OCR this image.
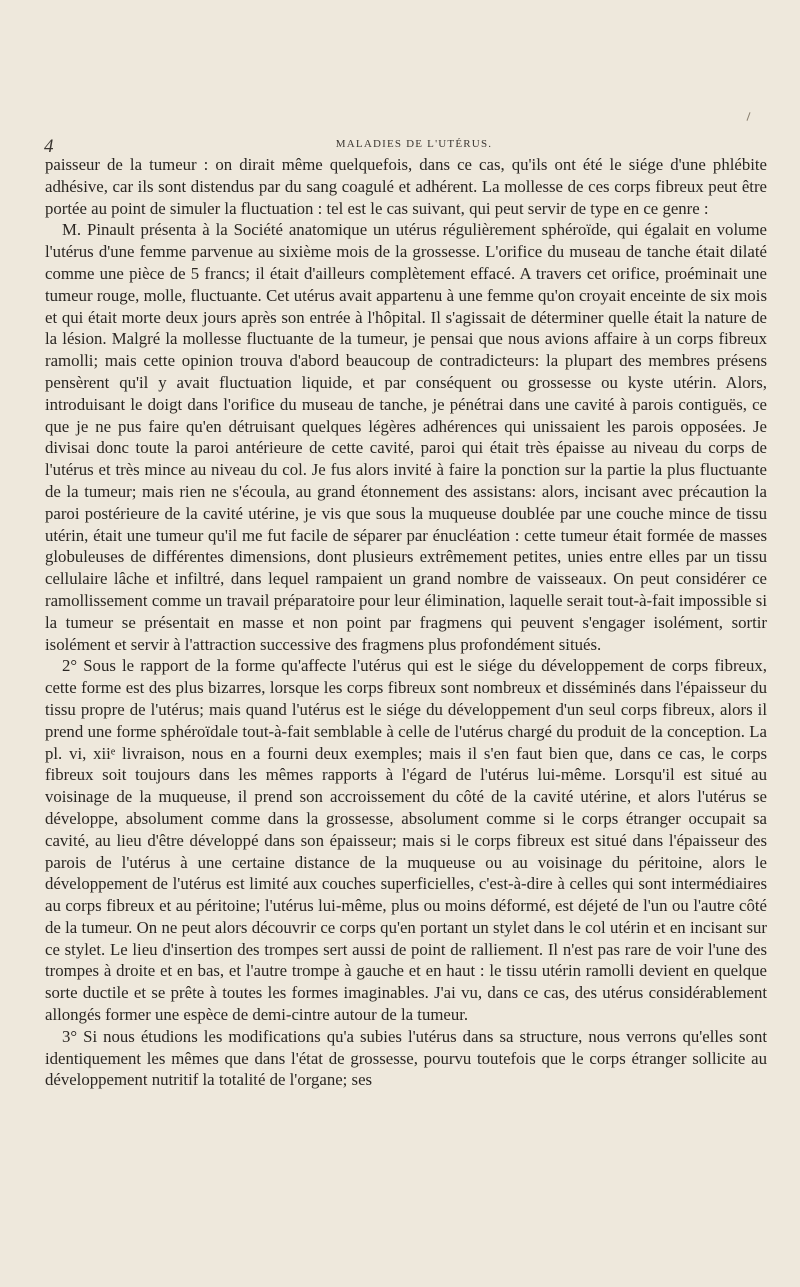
4	MALADIES DE L'UTÉRUS.

paisseur de la tumeur : on dirait même quelquefois, dans ce cas, qu'ils ont été le siége d'une phlébite adhésive, car ils sont distendus par du sang coagulé et adhérent. La mollesse de ces corps fibreux peut être portée au point de simuler la fluctuation : tel est le cas suivant, qui peut servir de type en ce genre :

M. Pinault présenta à la Société anatomique un utérus régulièrement sphéroïde, qui égalait en volume l'utérus d'une femme parvenue au sixième mois de la grossesse. L'orifice du museau de tanche était dilaté comme une pièce de 5 francs; il était d'ailleurs complètement effacé. A travers cet orifice, proéminait une tumeur rouge, molle, fluctuante. Cet utérus avait appartenu à une femme qu'on croyait enceinte de six mois et qui était morte deux jours après son entrée à l'hôpital. Il s'agissait de déterminer quelle était la nature de la lésion. Malgré la mollesse fluctuante de la tumeur, je pensai que nous avions affaire à un corps fibreux ramolli; mais cette opinion trouva d'abord beaucoup de contradicteurs: la plupart des membres présens pensèrent qu'il y avait fluctuation liquide, et par conséquent ou grossesse ou kyste utérin. Alors, introduisant le doigt dans l'orifice du museau de tanche, je pénétrai dans une cavité à parois contiguës, ce que je ne pus faire qu'en détruisant quelques légères adhérences qui unissaient les parois opposées. Je divisai donc toute la paroi antérieure de cette cavité, paroi qui était très épaisse au niveau du corps de l'utérus et très mince au niveau du col. Je fus alors invité à faire la ponction sur la partie la plus fluctuante de la tumeur; mais rien ne s'écoula, au grand étonnement des assistans: alors, incisant avec précaution la paroi postérieure de la cavité utérine, je vis que sous la muqueuse doublée par une couche mince de tissu utérin, était une tumeur qu'il me fut facile de séparer par énucléation : cette tumeur était formée de masses globuleuses de différentes dimensions, dont plusieurs extrêmement petites, unies entre elles par un tissu cellulaire lâche et infiltré, dans lequel rampaient un grand nombre de vaisseaux. On peut considérer ce ramollissement comme un travail préparatoire pour leur élimination, laquelle serait tout-à-fait impossible si la tumeur se présentait en masse et non point par fragmens qui peuvent s'engager isolément, sortir isolément et servir à l'attraction successive des fragmens plus profondément situés.

2° Sous le rapport de la forme qu'affecte l'utérus qui est le siége du développement de corps fibreux, cette forme est des plus bizarres, lorsque les corps fibreux sont nombreux et disséminés dans l'épaisseur du tissu propre de l'utérus; mais quand l'utérus est le siége du développement d'un seul corps fibreux, alors il prend une forme sphéroïdale tout-à-fait semblable à celle de l'utérus chargé du produit de la conception. La pl. vi, xiiᵉ livraison, nous en a fourni deux exemples; mais il s'en faut bien que, dans ce cas, le corps fibreux soit toujours dans les mêmes rapports à l'égard de l'utérus lui-même. Lorsqu'il est situé au voisinage de la muqueuse, il prend son accroissement du côté de la cavité utérine, et alors l'utérus se développe, absolument comme dans la grossesse, absolument comme si le corps étranger occupait sa cavité, au lieu d'être développé dans son épaisseur; mais si le corps fibreux est situé dans l'épaisseur des parois de l'utérus à une certaine distance de la muqueuse ou au voisinage du péritoine, alors le développement de l'utérus est limité aux couches superficielles, c'est-à-dire à celles qui sont intermédiaires au corps fibreux et au péritoine; l'utérus lui-même, plus ou moins déformé, est déjeté de l'un ou l'autre côté de la tumeur. On ne peut alors découvrir ce corps qu'en portant un stylet dans le col utérin et en incisant sur ce stylet. Le lieu d'insertion des trompes sert aussi de point de ralliement. Il n'est pas rare de voir l'une des trompes à droite et en bas, et l'autre trompe à gauche et en haut : le tissu utérin ramolli devient en quelque sorte ductile et se prête à toutes les formes imaginables. J'ai vu, dans ce cas, des utérus considérablement allongés former une espèce de demi-cintre autour de la tumeur.

3° Si nous étudions les modifications qu'a subies l'utérus dans sa structure, nous verrons qu'elles sont identiquement les mêmes que dans l'état de grossesse, pourvu toutefois que le corps étranger sollicite au développement nutritif la totalité de l'organe; ses
